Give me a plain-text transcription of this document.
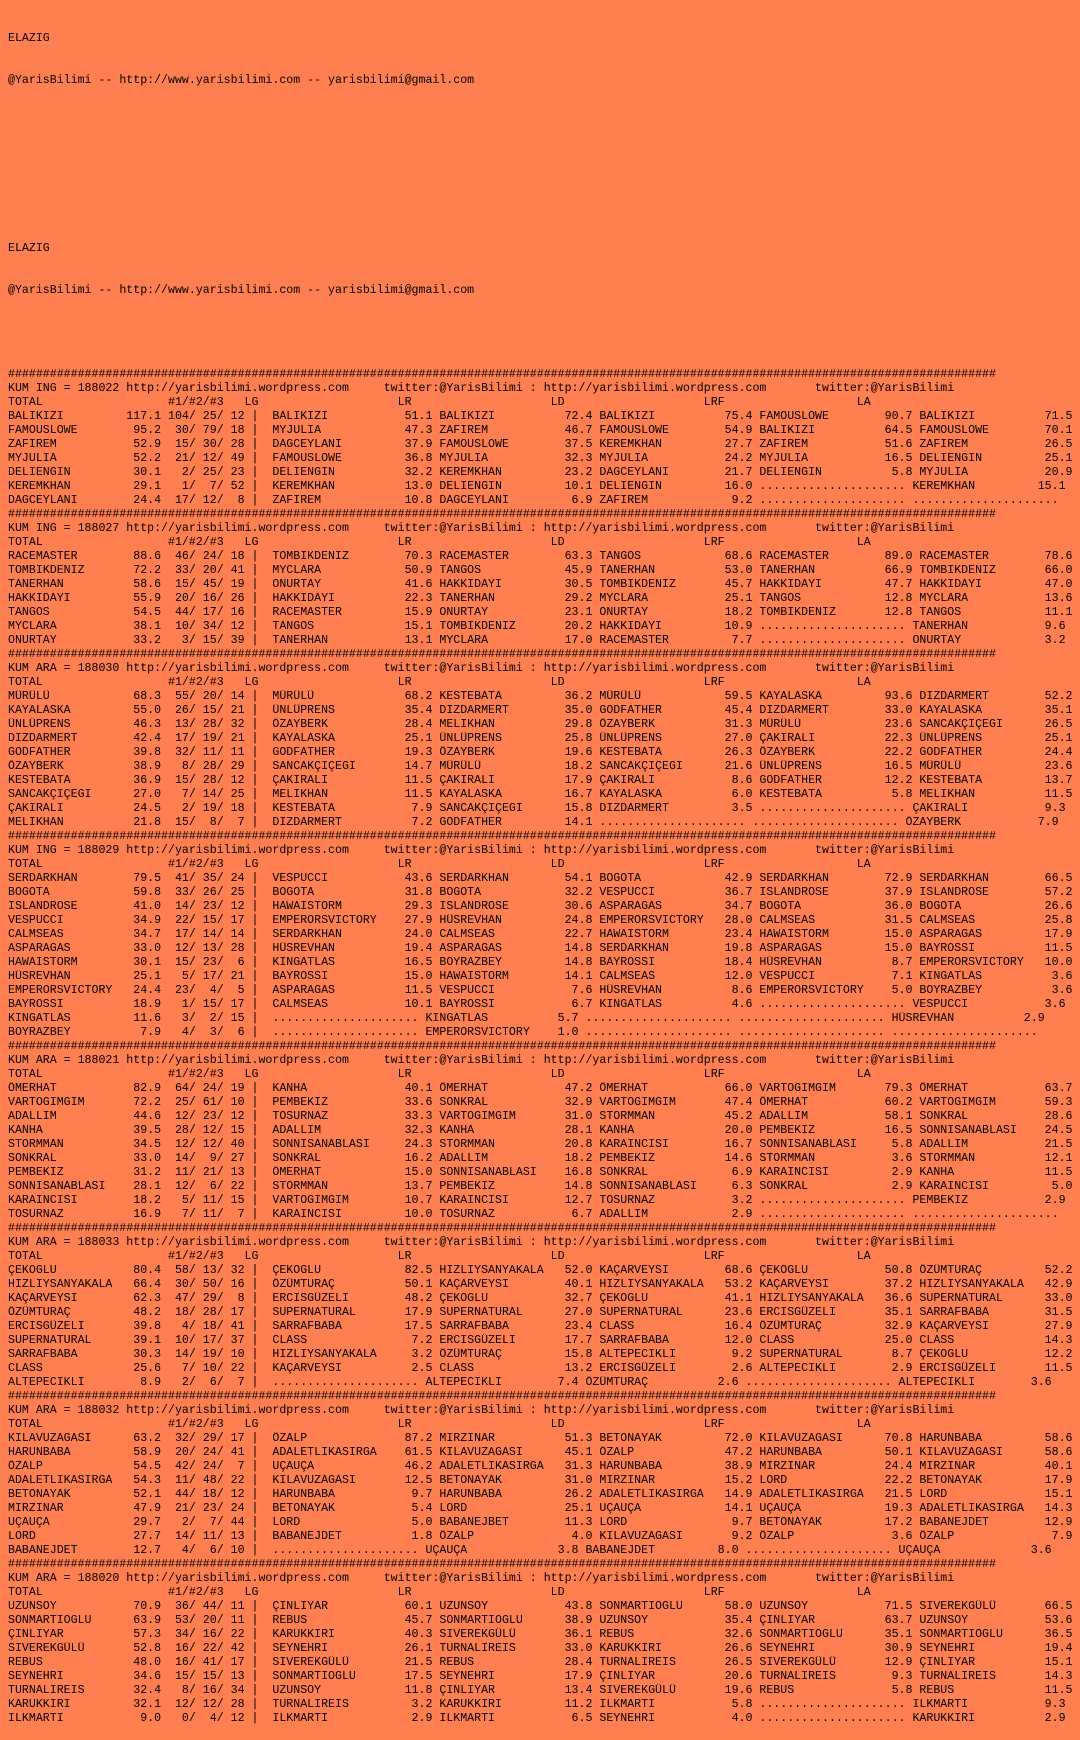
ELAZIG

@YarisBilimi -- http://www.yarisbilimi.com -- yarisbilimi@gmail.com

ELAZIG

@YarisBilimi -- http://www.yarisbilimi.com -- yarisbilimi@gmail.com

##############################################################################################################################################
KUM ING = 188022 http://yarisbilimi.wordpress.com     twitter:@YarisBilimi : http://yarisbilimi.wordpress.com       twitter:@YarisBilimi
TOTAL                  #1/#2/#3   LG                    LR                    LD                    LRF                   LA
BALIKIZI         117.1 104/ 25/ 12 |  BALIKIZI           51.1 BALIKIZI          72.4 BALIKIZI          75.4 FAMOUSLOWE        90.7 BALIKIZI          71.5
FAMOUSLOWE        95.2  30/ 79/ 18 |  MYJULIA            47.3 ZAFIREM           46.7 FAMOUSLOWE        54.9 BALIKIZI          64.5 FAMOUSLOWE        70.1
ZAFIREM           52.9  15/ 30/ 28 |  DAGCEYLANI         37.9 FAMOUSLOWE        37.5 KEREMKHAN         27.7 ZAFIREM           51.6 ZAFIREM           26.5
MYJULIA           52.2  21/ 12/ 49 |  FAMOUSLOWE         36.8 MYJULIA           32.3 MYJULIA           24.2 MYJULIA           16.5 DELIENGIN         25.1
DELIENGIN         30.1   2/ 25/ 23 |  DELIENGIN          32.2 KEREMKHAN         23.2 DAGCEYLANI        21.7 DELIENGIN          5.8 MYJULIA           20.9
KEREMKHAN         29.1   1/  7/ 52 |  KEREMKHAN          13.0 DELIENGIN         10.1 DELIENGIN         16.0 ..................... KEREMKHAN         15.1
DAGCEYLANI        24.4  17/ 12/  8 |  ZAFIREM            10.8 DAGCEYLANI         6.9 ZAFIREM            9.2 ..................... .....................
##############################################################################################################################################
KUM ING = 188027 http://yarisbilimi.wordpress.com     twitter:@YarisBilimi : http://yarisbilimi.wordpress.com       twitter:@YarisBilimi
TOTAL                  #1/#2/#3   LG                    LR                    LD                    LRF                   LA
RACEMASTER        88.6  46/ 24/ 18 |  TOMBIKDENIZ        70.3 RACEMASTER        63.3 TANGOS            68.6 RACEMASTER        89.0 RACEMASTER        78.6
TOMBIKDENIZ       72.2  33/ 20/ 41 |  MYCLARA            50.9 TANGOS            45.9 TANERHAN          53.0 TANERHAN          66.9 TOMBIKDENIZ       66.0
TANERHAN          58.6  15/ 45/ 19 |  ONURTAY            41.6 HAKKIDAYI         30.5 TOMBIKDENIZ       45.7 HAKKIDAYI         47.7 HAKKIDAYI         47.0
HAKKIDAYI         55.9  20/ 16/ 26 |  HAKKIDAYI          22.3 TANERHAN          29.2 MYCLARA           25.1 TANGOS            12.8 MYCLARA           13.6
TANGOS            54.5  44/ 17/ 16 |  RACEMASTER         15.9 ONURTAY           23.1 ONURTAY           18.2 TOMBIKDENIZ       12.8 TANGOS            11.1
MYCLARA           38.1  10/ 34/ 12 |  TANGOS             15.1 TOMBIKDENIZ       20.2 HAKKIDAYI         10.9 ..................... TANERHAN           9.6
ONURTAY           33.2   3/ 15/ 39 |  TANERHAN           13.1 MYCLARA           17.0 RACEMASTER         7.7 ..................... ONURTAY            3.2
##############################################################################################################################################
KUM ARA = 188030 http://yarisbilimi.wordpress.com     twitter:@YarisBilimi : http://yarisbilimi.wordpress.com       twitter:@YarisBilimi
TOTAL                  #1/#2/#3   LG                    LR                    LD                    LRF                   LA
MÜRÜLÜ            68.3  55/ 20/ 14 |  MÜRÜLÜ             68.2 KESTEBATA         36.2 MÜRÜLÜ            59.5 KAYALASKA         93.6 DIZDARMERT        52.2
KAYALASKA         55.0  26/ 15/ 21 |  ÜNLÜPRENS          35.4 DIZDARMERT        35.0 GODFATHER         45.4 DIZDARMERT        33.0 KAYALASKA         35.1
ÜNLÜPRENS         46.3  13/ 28/ 32 |  ÖZAYBERK           28.4 MELIKHAN          29.8 ÖZAYBERK          31.3 MÜRÜLÜ            23.6 SANCAKÇIÇEGI      26.5
DIZDARMERT        42.4  17/ 19/ 21 |  KAYALASKA          25.1 ÜNLÜPRENS         25.8 ÜNLÜPRENS         27.0 ÇAKIRALI          22.3 ÜNLÜPRENS         25.1
GODFATHER         39.8  32/ 11/ 11 |  GODFATHER          19.3 ÖZAYBERK          19.6 KESTEBATA         26.3 ÖZAYBERK          22.2 GODFATHER         24.4
ÖZAYBERK          38.9   8/ 28/ 29 |  SANCAKÇIÇEGI       14.7 MÜRÜLÜ            18.2 SANCAKÇIÇEGI      21.6 ÜNLÜPRENS         16.5 MÜRÜLÜ            23.6
KESTEBATA         36.9  15/ 28/ 12 |  ÇAKIRALI           11.5 ÇAKIRALI          17.9 ÇAKIRALI           8.6 GODFATHER         12.2 KESTEBATA         13.7
SANCAKÇIÇEGI      27.0   7/ 14/ 25 |  MELIKHAN           11.5 KAYALASKA         16.7 KAYALASKA          6.0 KESTEBATA          5.8 MELIKHAN          11.5
ÇAKIRALI          24.5   2/ 19/ 18 |  KESTEBATA           7.9 SANCAKÇIÇEGI      15.8 DIZDARMERT         3.5 ..................... ÇAKIRALI           9.3
MELIKHAN          21.8  15/  8/  7 |  DIZDARMERT          7.2 GODFATHER         14.1 ..................... ..................... ÖZAYBERK           7.9
##############################################################################################################################################
KUM ING = 188029 http://yarisbilimi.wordpress.com     twitter:@YarisBilimi : http://yarisbilimi.wordpress.com       twitter:@YarisBilimi
TOTAL                  #1/#2/#3   LG                    LR                    LD                    LRF                   LA
SERDARKHAN        79.5  41/ 35/ 24 |  VESPUCCI           43.6 SERDARKHAN        54.1 BOGOTA            42.9 SERDARKHAN        72.9 SERDARKHAN        66.5
BOGOTA            59.8  33/ 26/ 25 |  BOGOTA             31.8 BOGOTA            32.2 VESPUCCI          36.7 ISLANDROSE        37.9 ISLANDROSE        57.2
ISLANDROSE        41.0  14/ 23/ 12 |  HAWAISTORM         29.3 ISLANDROSE        30.6 ASPARAGAS         34.7 BOGOTA            36.0 BOGOTA            26.6
VESPUCCI          34.9  22/ 15/ 17 |  EMPERORSVICTORY    27.9 HÜSREVHAN         24.8 EMPERORSVICTORY   28.0 CALMSEAS          31.5 CALMSEAS          25.8
CALMSEAS          34.7  17/ 14/ 14 |  SERDARKHAN         24.0 CALMSEAS          22.7 HAWAISTORM        23.4 HAWAISTORM        15.0 ASPARAGAS         17.9
ASPARAGAS         33.0  12/ 13/ 28 |  HÜSREVHAN          19.4 ASPARAGAS         14.8 SERDARKHAN        19.8 ASPARAGAS         15.0 BAYROSSI          11.5
HAWAISTORM        30.1  15/ 23/  6 |  KINGATLAS          16.5 BOYRAZBEY         14.8 BAYROSSI          18.4 HÜSREVHAN          8.7 EMPERORSVICTORY   10.0
HÜSREVHAN         25.1   5/ 17/ 21 |  BAYROSSI           15.0 HAWAISTORM        14.1 CALMSEAS          12.0 VESPUCCI           7.1 KINGATLAS          3.6
EMPERORSVICTORY   24.4  23/  4/  5 |  ASPARAGAS          11.5 VESPUCCI           7.6 HÜSREVHAN          8.6 EMPERORSVICTORY    5.0 BOYRAZBEY          3.6
BAYROSSI          18.9   1/ 15/ 17 |  CALMSEAS           10.1 BAYROSSI           6.7 KINGATLAS          4.6 ..................... VESPUCCI           3.6
KINGATLAS         11.6   3/  2/ 15 |  ..................... KINGATLAS          5.7 ..................... ..................... HÜSREVHAN          2.9
BOYRAZBEY          7.9   4/  3/  6 |  ..................... EMPERORSVICTORY    1.0 ..................... ..................... .....................
##############################################################################################################################################
KUM ARA = 188021 http://yarisbilimi.wordpress.com     twitter:@YarisBilimi : http://yarisbilimi.wordpress.com       twitter:@YarisBilimi
TOTAL                  #1/#2/#3   LG                    LR                    LD                    LRF                   LA
ÖMERHAT           82.9  64/ 24/ 19 |  KANHA              40.1 ÖMERHAT           47.2 ÖMERHAT           66.0 VARTOGIMGIM       79.3 ÖMERHAT           63.7
VARTOGIMGIM       72.2  25/ 61/ 10 |  PEMBEKIZ           33.6 SONKRAL           32.9 VARTOGIMGIM       47.4 ÖMERHAT           60.2 VARTOGIMGIM       59.3
ADALLIM           44.6  12/ 23/ 12 |  TOSURNAZ           33.3 VARTOGIMGIM       31.0 STORMMAN          45.2 ADALLIM           58.1 SONKRAL           28.6
KANHA             39.5  28/ 12/ 15 |  ADALLIM            32.3 KANHA             28.1 KANHA             20.0 PEMBEKIZ          16.5 SONNISANABLASI    24.5
STORMMAN          34.5  12/ 12/ 40 |  SONNISANABLASI     24.3 STORMMAN          20.8 KARAINCISI        16.7 SONNISANABLASI     5.8 ADALLIM           21.5
SONKRAL           33.0  14/  9/ 27 |  SONKRAL            16.2 ADALLIM           18.2 PEMBEKIZ          14.6 STORMMAN           3.6 STORMMAN          12.1
PEMBEKIZ          31.2  11/ 21/ 13 |  ÖMERHAT            15.0 SONNISANABLASI    16.8 SONKRAL            6.9 KARAINCISI         2.9 KANHA             11.5
SONNISANABLASI    28.1  12/  6/ 22 |  STORMMAN           13.7 PEMBEKIZ          14.8 SONNISANABLASI     6.3 SONKRAL            2.9 KARAINCISI         5.0
KARAINCISI        18.2   5/ 11/ 15 |  VARTOGIMGIM        10.7 KARAINCISI        12.7 TOSURNAZ           3.2 ..................... PEMBEKIZ           2.9
TOSURNAZ          16.9   7/ 11/  7 |  KARAINCISI         10.0 TOSURNAZ           6.7 ADALLIM            2.9 ..................... .....................
##############################################################################################################################################
KUM ARA = 188033 http://yarisbilimi.wordpress.com     twitter:@YarisBilimi : http://yarisbilimi.wordpress.com       twitter:@YarisBilimi
TOTAL                  #1/#2/#3   LG                    LR                    LD                    LRF                   LA
ÇEKOGLU           80.4  58/ 13/ 32 |  ÇEKOGLU            82.5 HIZLIYSANYAKALA   52.0 KAÇARVEYSI        68.6 ÇEKOGLU           50.8 ÖZÜMTURAÇ         52.2
HIZLIYSANYAKALA   66.4  30/ 50/ 16 |  ÖZÜMTURAÇ          50.1 KAÇARVEYSI        40.1 HIZLIYSANYAKALA   53.2 KAÇARVEYSI        37.2 HIZLIYSANYAKALA   42.9
KAÇARVEYSI        62.3  47/ 29/  8 |  ERCISGÜZELI        48.2 ÇEKOGLU           32.7 ÇEKOGLU           41.1 HIZLIYSANYAKALA   36.6 SUPERNATURAL      33.0
ÖZÜMTURAÇ         48.2  18/ 28/ 17 |  SUPERNATURAL       17.9 SUPERNATURAL      27.0 SUPERNATURAL      23.6 ERCISGÜZELI       35.1 SARRAFBABA        31.5
ERCISGÜZELI       39.8   4/ 18/ 41 |  SARRAFBABA         17.5 SARRAFBABA        23.4 CLASS             16.4 ÖZÜMTURAÇ         32.9 KAÇARVEYSI        27.9
SUPERNATURAL      39.1  10/ 17/ 37 |  CLASS               7.2 ERCISGÜZELI       17.7 SARRAFBABA        12.0 CLASS             25.0 CLASS             14.3
SARRAFBABA        30.3  14/ 19/ 10 |  HIZLIYSANYAKALA     3.2 ÖZÜMTURAÇ         15.8 ALTEPECIKLI        9.2 SUPERNATURAL       8.7 ÇEKOGLU           12.2
CLASS             25.6   7/ 10/ 22 |  KAÇARVEYSI          2.5 CLASS             13.2 ERCISGÜZELI        2.6 ALTEPECIKLI        2.9 ERCISGÜZELI       11.5
ALTEPECIKLI        8.9   2/  6/  7 |  ..................... ALTEPECIKLI        7.4 ÖZÜMTURAÇ          2.6 ..................... ALTEPECIKLI        3.6
##############################################################################################################################################
KUM ARA = 188032 http://yarisbilimi.wordpress.com     twitter:@YarisBilimi : http://yarisbilimi.wordpress.com       twitter:@YarisBilimi
TOTAL                  #1/#2/#3   LG                    LR                    LD                    LRF                   LA
KILAVUZAGASI      63.2  32/ 29/ 17 |  ÖZALP              87.2 MIRZINAR          51.3 BETONAYAK         72.0 KILAVUZAGASI      70.8 HARUNBABA         58.6
HARUNBABA         58.9  20/ 24/ 41 |  ADALETLIKASIRGA    61.5 KILAVUZAGASI      45.1 ÖZALP             47.2 HARUNBABA         50.1 KILAVUZAGASI      58.6
ÖZALP             54.5  42/ 24/  7 |  UÇAUÇA             46.2 ADALETLIKASIRGA   31.3 HARUNBABA         38.9 MIRZINAR          24.4 MIRZINAR          40.1
ADALETLIKASIRGA   54.3  11/ 48/ 22 |  KILAVUZAGASI       12.5 BETONAYAK         31.0 MIRZINAR          15.2 LORD              22.2 BETONAYAK         17.9
BETONAYAK         52.1  44/ 18/ 12 |  HARUNBABA           9.7 HARUNBABA         26.2 ADALETLIKASIRGA   14.9 ADALETLIKASIRGA   21.5 LORD              15.1
MIRZINAR          47.9  21/ 23/ 24 |  BETONAYAK           5.4 LORD              25.1 UÇAUÇA            14.1 UÇAUÇA            19.3 ADALETLIKASIRGA   14.3
UÇAUÇA            29.7   2/  7/ 44 |  LORD                5.0 BABANEJBET        11.3 LORD               9.7 BETONAYAK         17.2 BABANEJDET        12.9
LORD              27.7  14/ 11/ 13 |  BABANEJDET          1.8 ÖZALP              4.0 KILAVUZAGASI       9.2 ÖZALP              3.6 ÖZALP              7.9
BABANEJDET        12.7   4/  6/ 10 |  ..................... UÇAUÇA             3.8 BABANEJDET         8.0 ..................... UÇAUÇA             3.6
##############################################################################################################################################
KUM ARA = 188020 http://yarisbilimi.wordpress.com     twitter:@YarisBilimi : http://yarisbilimi.wordpress.com       twitter:@YarisBilimi
TOTAL                  #1/#2/#3   LG                    LR                    LD                    LRF                   LA
UZUNSOY           70.9  36/ 44/ 11 |  ÇINLIYAR           60.1 UZUNSOY           43.8 SONMARTIOGLU      58.0 UZUNSOY           71.5 SIVEREKGÜLÜ       66.5
SONMARTIOGLU      63.9  53/ 20/ 11 |  REBUS              45.7 SONMARTIOGLU      38.9 UZUNSOY           35.4 ÇINLIYAR          63.7 UZUNSOY           53.6
ÇINLIYAR          57.3  34/ 16/ 22 |  KARUKKIRI          40.3 SIVEREKGÜLÜ       36.1 REBUS             32.6 SONMARTIOGLU      35.1 SONMARTIOGLU      36.5
SIVEREKGÜLÜ       52.8  16/ 22/ 42 |  SEYNEHRI           26.1 TURNALIREIS       33.0 KARUKKIRI         26.6 SEYNEHRI          30.9 SEYNEHRI          19.4
REBUS             48.0  16/ 41/ 17 |  SIVEREKGÜLÜ        21.5 REBUS             28.4 TURNALIREIS       26.5 SIVEREKGÜLÜ       12.9 ÇINLIYAR          15.1
SEYNEHRI          34.6  15/ 15/ 13 |  SONMARTIOGLU       17.5 SEYNEHRI          17.9 ÇINLIYAR          20.6 TURNALIREIS        9.3 TURNALIREIS       14.3
TURNALIREIS       32.4   8/ 16/ 34 |  UZUNSOY            11.8 ÇINLIYAR          13.4 SIVEREKGÜLÜ       19.6 REBUS              5.8 REBUS             11.5
KARUKKIRI         32.1  12/ 12/ 28 |  TURNALIREIS         3.2 KARUKKIRI         11.2 ILKMARTI           5.8 ..................... ILKMARTI           9.3
ILKMARTI           9.0   0/  4/ 12 |  ILKMARTI            2.9 ILKMARTI           6.5 SEYNEHRI           4.0 ..................... KARUKKIRI          2.9
